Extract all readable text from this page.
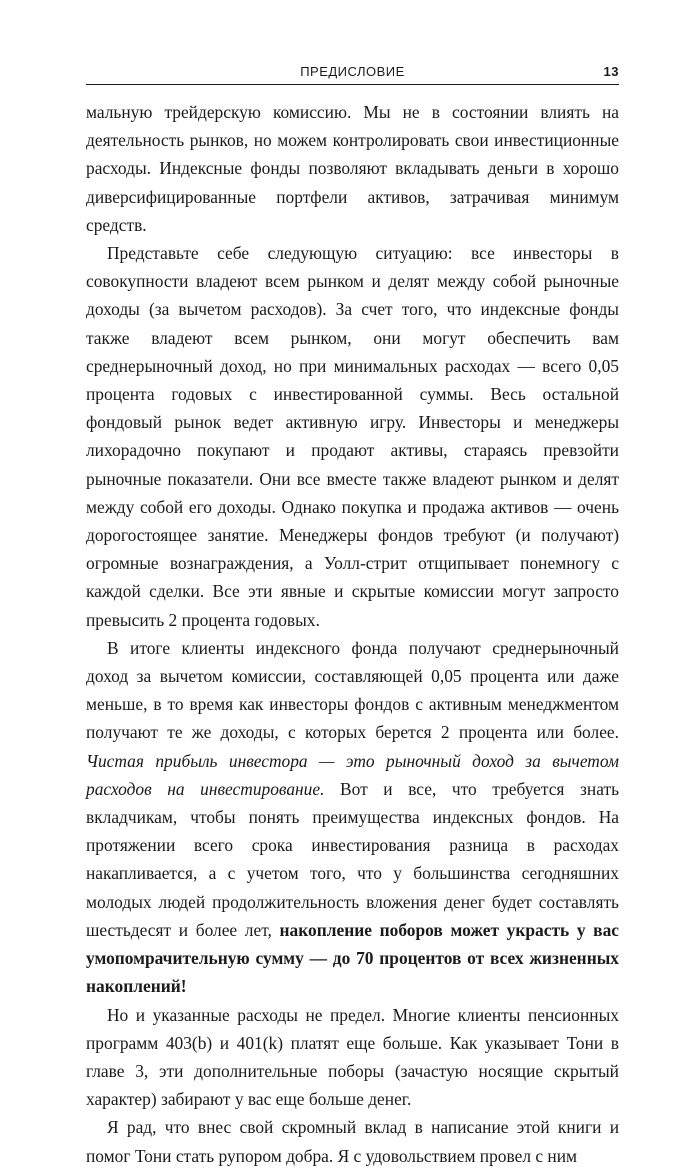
ПРЕДИСЛОВИЕ	13

мальную трейдерскую комиссию. Мы не в состоянии влиять на деятельность рынков, но можем контролировать свои инвестиционные расходы. Индексные фонды позволяют вкладывать деньги в хорошо диверсифицированные портфели активов, затрачивая минимум средств.

Представьте себе следующую ситуацию: все инвесторы в совокупности владеют всем рынком и делят между собой рыночные доходы (за вычетом расходов). За счет того, что индексные фонды также владеют всем рынком, они могут обеспечить вам среднерыночный доход, но при минимальных расходах — всего 0,05 процента годовых с инвестированной суммы. Весь остальной фондовый рынок ведет активную игру. Инвесторы и менеджеры лихорадочно покупают и продают активы, стараясь превзойти рыночные показатели. Они все вместе также владеют рынком и делят между собой его доходы. Однако покупка и продажа активов — очень дорогостоящее занятие. Менеджеры фондов требуют (и получают) огромные вознаграждения, а Уолл-стрит отщипывает понемногу с каждой сделки. Все эти явные и скрытые комиссии могут запросто превысить 2 процента годовых.

В итоге клиенты индексного фонда получают среднерыночный доход за вычетом комиссии, составляющей 0,05 процента или даже меньше, в то время как инвесторы фондов с активным менеджментом получают те же доходы, с которых берется 2 процента или более. Чистая прибыль инвестора — это рыночный доход за вычетом расходов на инвестирование. Вот и все, что требуется знать вкладчикам, чтобы понять преимущества индексных фондов. На протяжении всего срока инвестирования разница в расходах накапливается, а с учетом того, что у большинства сегодняшних молодых людей продолжительность вложения денег будет составлять шестьдесят и более лет, накопление поборов может украсть у вас умопомрачительную сумму — до 70 процентов от всех жизненных накоплений!

Но и указанные расходы не предел. Многие клиенты пенсионных программ 403(b) и 401(k) платят еще больше. Как указывает Тони в главе 3, эти дополнительные поборы (зачастую носящие скрытый характер) забирают у вас еще больше денег.

Я рад, что внес свой скромный вклад в написание этой книги и помог Тони стать рупором добра. Я с удовольствием провел с ним
